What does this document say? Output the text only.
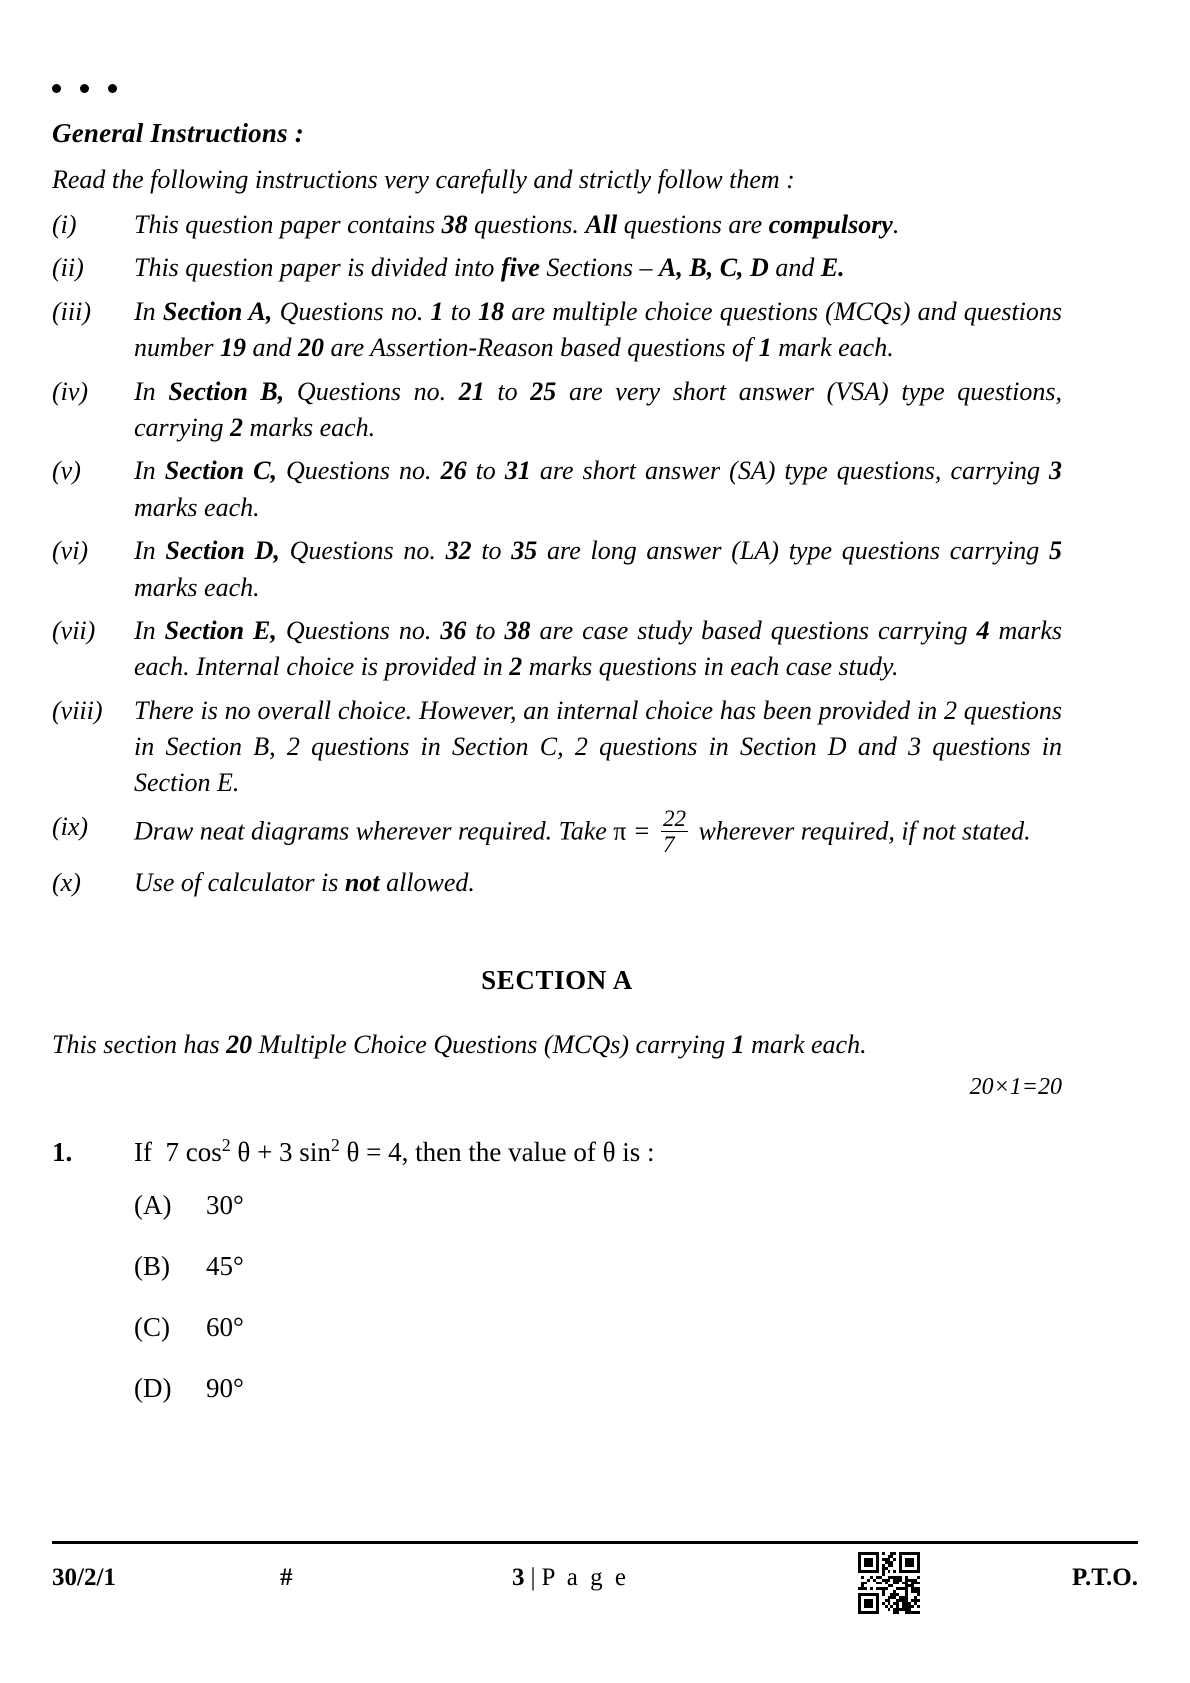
General Instructions :
Read the following instructions very carefully and strictly follow them :
(i)	This question paper contains 38 questions. All questions are compulsory.
(ii)	This question paper is divided into five Sections – A, B, C, D and E.
(iii)	In Section A, Questions no. 1 to 18 are multiple choice questions (MCQs) and questions number 19 and 20 are Assertion-Reason based questions of 1 mark each.
(iv)	In Section B, Questions no. 21 to 25 are very short answer (VSA) type questions, carrying 2 marks each.
(v)	In Section C, Questions no. 26 to 31 are short answer (SA) type questions, carrying 3 marks each.
(vi)	In Section D, Questions no. 32 to 35 are long answer (LA) type questions carrying 5 marks each.
(vii)	In Section E, Questions no. 36 to 38 are case study based questions carrying 4 marks each. Internal choice is provided in 2 marks questions in each case study.
(viii)	There is no overall choice. However, an internal choice has been provided in 2 questions in Section B, 2 questions in Section C, 2 questions in Section D and 3 questions in Section E.
(ix)	Draw neat diagrams wherever required. Take $\pi = \frac{22}{7}$ wherever required, if not stated.
(x)	Use of calculator is not allowed.
SECTION A
This section has 20 Multiple Choice Questions (MCQs) carrying 1 mark each.
20×1=20
1.	If  7 $\cos^2 \theta + 3$ $\sin^2 \theta = 4$, then the value of θ is :
(A)	30°
(B)	45°
(C)	60°
(D)	90°
30/2/1	#	3 | P a g e	P.T.O.
